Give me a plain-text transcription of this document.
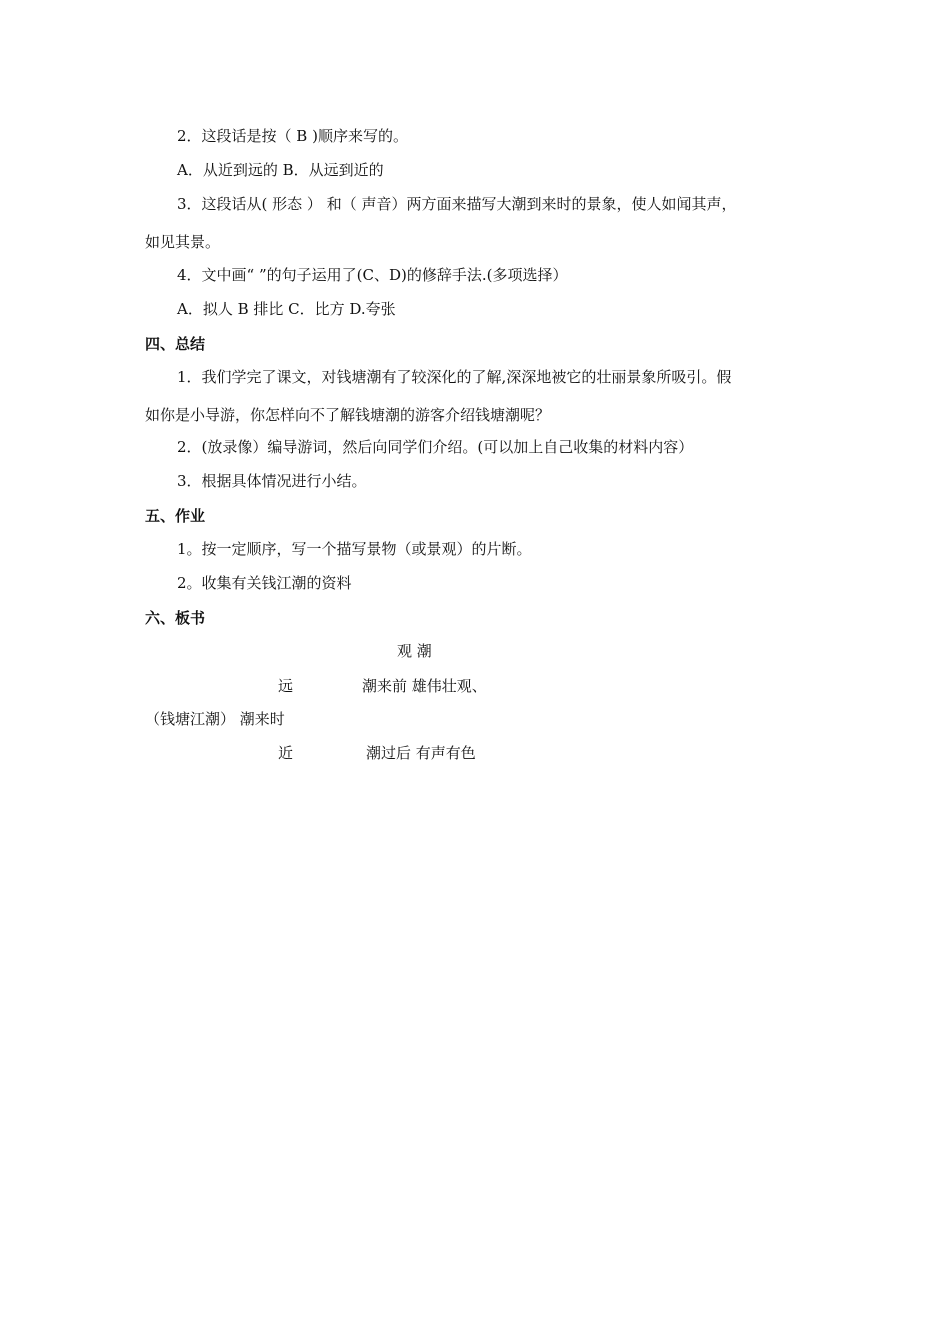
2．这段话是按（ B )顺序来写的。
A．从近到远的 B．从远到近的
3．这段话从( 形态 ） 和（ 声音）两方面来描写大潮到来时的景象，使人如闻其声，
如见其景。
4．文中画“ ”的句子运用了(C、D)的修辞手法.(多项选择）
A．拟人 B 排比 C．比方 D.夸张
四、总结
1．我们学完了课文，对钱塘潮有了较深化的了解,深深地被它的壮丽景象所吸引。假
如你是小导游，你怎样向不了解钱塘潮的游客介绍钱塘潮呢？
2．(放录像）编导游词，然后向同学们介绍。(可以加上自己收集的材料内容）
3．根据具体情况进行小结。
五、作业
1。按一定顺序，写一个描写景物（或景观）的片断。
2。收集有关钱江潮的资料
六、板书
观 潮
远	潮来前 雄伟壮观、
（钱塘江潮） 潮来时
近	潮过后 有声有色
